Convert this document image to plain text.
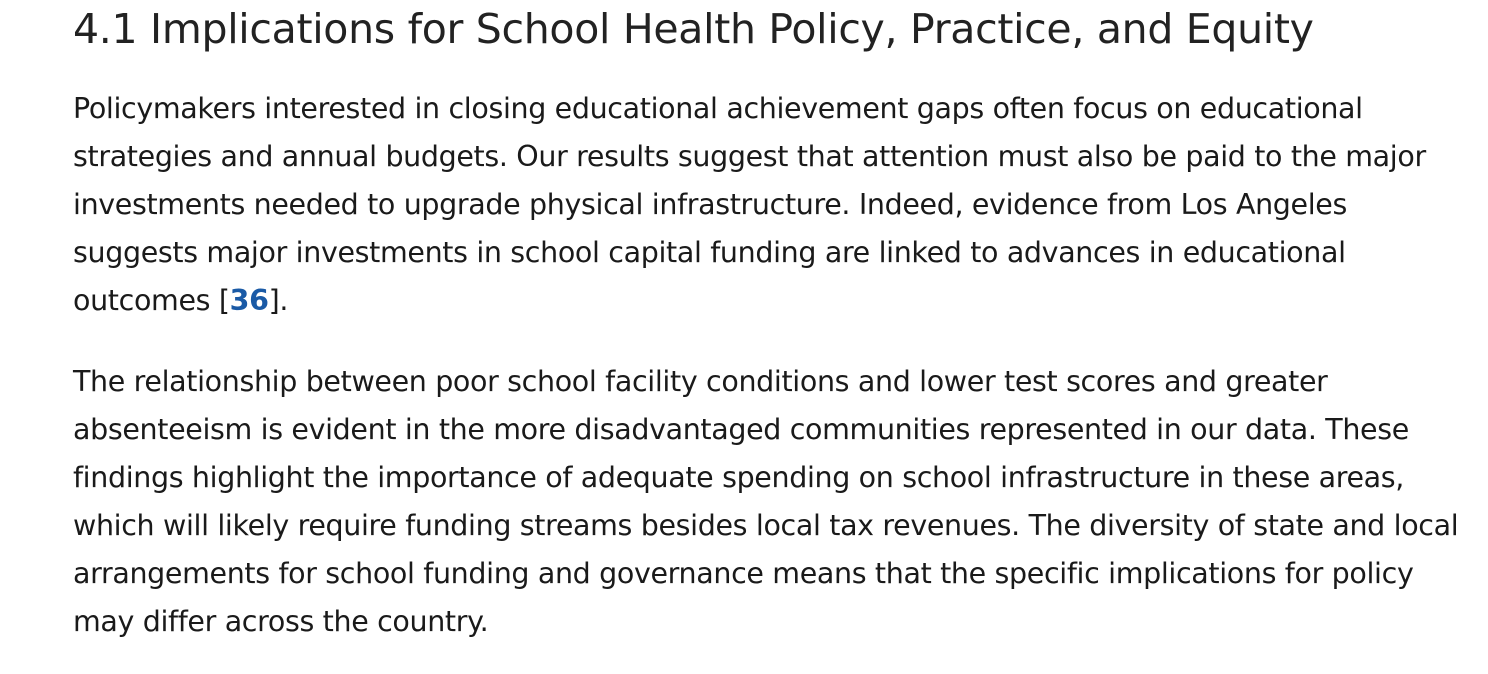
4.1 Implications for School Health Policy, Practice, and Equity

Policymakers interested in closing educational achievement gaps often focus on educational strategies and annual budgets. Our results suggest that attention must also be paid to the major investments needed to upgrade physical infrastructure. Indeed, evidence from Los Angeles suggests major investments in school capital funding are linked to advances in educational outcomes [36].

The relationship between poor school facility conditions and lower test scores and greater absenteeism is evident in the more disadvantaged communities represented in our data. These findings highlight the importance of adequate spending on school infrastructure in these areas, which will likely require funding streams besides local tax revenues. The diversity of state and local arrangements for school funding and governance means that the specific implications for policy may differ across the country.
